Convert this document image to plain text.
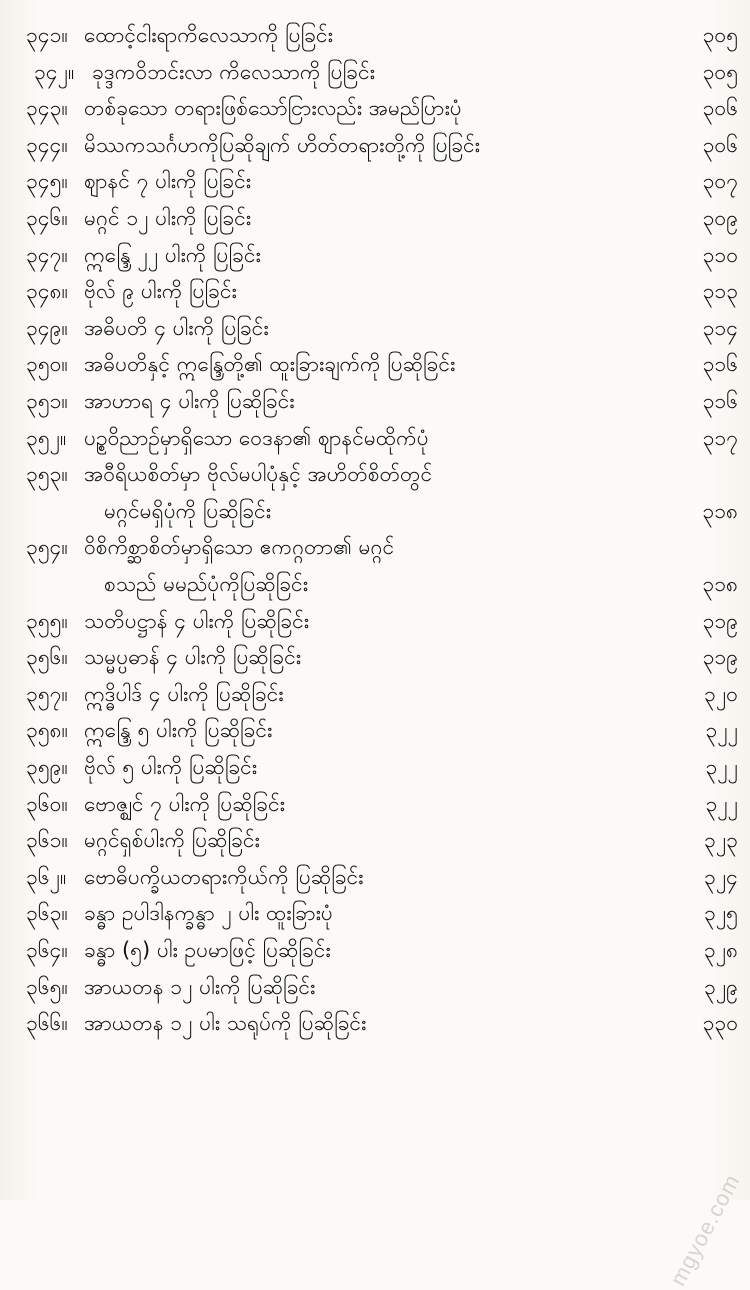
၃၄၁။ ထောင့်ငါးရာကိလေသာကို ပြခြင်း	၃၀၅
၃၄၂။ ခုဒ္ဒကဝိဘင်းလာ ကိလေသာကို ပြခြင်း	၃၀၅
၃၄၃။ တစ်ခုသော တရားဖြစ်သော်ငြားလည်း အမည်ပြားပုံ	၃၀၆
၃၄၄။ မိဿကသင်္ဂဟကိုပြဆိုချက် ဟိတ်တရားတို့ကို ပြခြင်း	၃၀၆
၃၄၅။ ဈာနင် ၇ ပါးကို ပြခြင်း	၃၀၇
၃၄၆။ မဂ္ဂင် ၁၂ ပါးကို ပြခြင်း	၃၀၉
၃၄၇။ ဣန္ဒြေ ၂၂ ပါးကို ပြခြင်း	၃၁၀
၃၄၈။ ဗိုလ် ၉ ပါးကို ပြခြင်း	၃၁၃
၃၄၉။ အဓိပတိ ၄ ပါးကို ပြခြင်း	၃၁၄
၃၅၀။ အဓိပတိနှင့် ဣန္ဒြေတို့၏ ထူးခြားချက်ကို ပြဆိုခြင်း	၃၁၆
၃၅၁။ အာဟာရ ၄ ပါးကို ပြဆိုခြင်း	၃၁၆
၃၅၂။ ပဥ္စဝိညာဉ်မှာရှိသော ဝေဒနာ၏ ဈာနင်မထိုက်ပုံ	၃၁၇
၃၅၃။ အဝီရိယစိတ်မှာ ဗိုလ်မပါပုံနှင့် အဟိတ်စိတ်တွင်
မဂ္ဂင်မရှိပုံကို ပြဆိုခြင်း	၃၁၈
၃၅၄။ ဝိစိကိစ္ဆာစိတ်မှာရှိသော ဧကဂ္ဂတာ၏ မဂ္ဂင်
စသည် မမည်ပုံကိုပြဆိုခြင်း	၃၁၈
၃၅၅။ သတိပဋ္ဌာန် ၄ ပါးကို ပြဆိုခြင်း	၃၁၉
၃၅၆။ သမ္မပ္ပဓာန် ၄ ပါးကို ပြဆိုခြင်း	၃၁၉
၃၅၇။ ဣဒ္ဓိပါဒ် ၄ ပါးကို ပြဆိုခြင်း	၃၂၀
၃၅၈။ ဣန္ဒြေ ၅ ပါးကို ပြဆိုခြင်း	၃၂၂
၃၅၉။ ဗိုလ် ၅ ပါးကို ပြဆိုခြင်း	၃၂၂
၃၆၀။ ဗောဇ္ဈင် ၇ ပါးကို ပြဆိုခြင်း	၃၂၂
၃၆၁။ မဂ္ဂင်ရှစ်ပါးကို ပြဆိုခြင်း	၃၂၃
၃၆၂။ ဗောဓိပက္ခိယတရားကိုယ်ကို ပြဆိုခြင်း	၃၂၄
၃၆၃။ ခန္ဓာ ဥပါဒါနက္ခန္ဓာ ၂ ပါး ထူးခြားပုံ	၃၂၅
၃၆၄။ ခန္ဓာ (၅) ပါး ဥပမာဖြင့် ပြဆိုခြင်း	၃၂၈
၃၆၅။ အာယတန ၁၂ ပါးကို ပြဆိုခြင်း	၃၂၉
၃၆၆။ အာယတန ၁၂ ပါး သရုပ်ကို ပြဆိုခြင်း	၃၃၀
mgyoe.com
